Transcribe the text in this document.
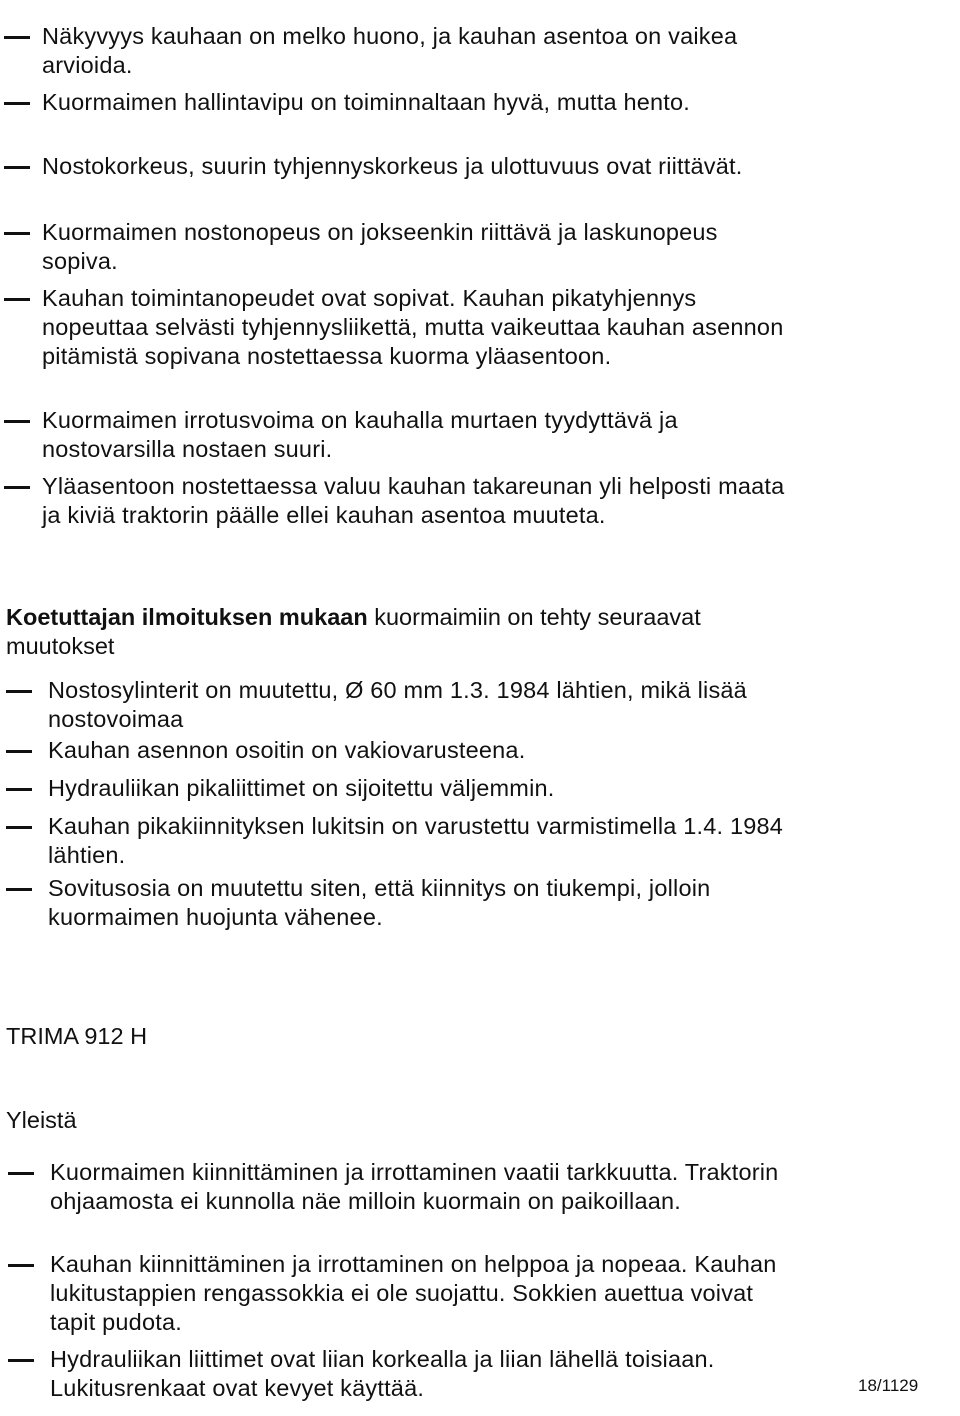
Näkyvyys kauhaan on melko huono, ja kauhan asentoa on vaikea arvioida.
Kuormaimen hallintavipu on toiminnaltaan hyvä, mutta hento.
Nostokorkeus, suurin tyhjennyskorkeus ja ulottuvuus ovat riittävät.
Kuormaimen nostonopeus on jokseenkin riittävä ja laskunopeus sopiva.
Kauhan toimintanopeudet ovat sopivat. Kauhan pikatyhjennys nopeuttaa selvästi tyhjennysliikettä, mutta vaikeuttaa kauhan asennon pitämistä sopivana nostettaessa kuorma yläasentoon.
Kuormaimen irrotusvoima on kauhalla murtaen tyydyttävä ja nostovarsilla nostaen suuri.
Yläasentoon nostettaessa valuu kauhan takareunan yli helposti maata ja kiviä traktorin päälle ellei kauhan asentoa muuteta.
Koetuttajan ilmoituksen mukaan kuormaimiin on tehty seuraavat muutokset
Nostosylinterit on muutettu, Ø 60 mm 1.3. 1984 lähtien, mikä lisää nostovoimaa
Kauhan asennon osoitin on vakiovarusteena.
Hydrauliikan pikaliittimet on sijoitettu väljemmin.
Kauhan pikakiinnityksen lukitsin on varustettu varmistimella 1.4. 1984 lähtien.
Sovitusosia on muutettu siten, että kiinnitys on tiukempi, jolloin kuormaimen huojunta vähenee.
TRIMA 912 H
Yleistä
Kuormaimen kiinnittäminen ja irrottaminen vaatii tarkkuutta. Traktorin ohjaamosta ei kunnolla näe milloin kuormain on paikoillaan.
Kauhan kiinnittäminen ja irrottaminen on helppoa ja nopeaa. Kauhan lukitustappien rengassokkia ei ole suojattu. Sokkien auettua voivat tapit pudota.
Hydrauliikan liittimet ovat liian korkealla ja liian lähellä toisiaan. Lukitusrenkaat ovat kevyet käyttää.	18/1129
